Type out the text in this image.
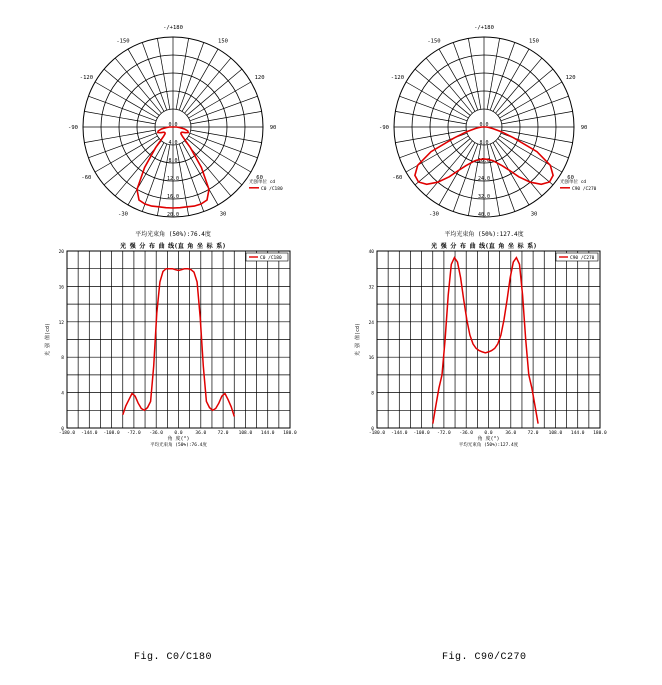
-/+180
150
120
90
60
30
-30
-60
-90
-120
-150
0.0
4.0
8.0
12.0
16.0
20.0
光强单位 cd
C0 /C180
平均光束角 (50%):76.4度
光 强 分 布 曲 线(直 角 坐 标 系)
-/+180
150
120
90
60
30
-30
-60
-90
-120
-150
0.0
8.0
16.0
24.0
32.0
40.0
光强单位 cd
C90 /C270
平均光束角 (50%):127.4度
光 强 分 布 曲 线(直 角 坐 标 系)
-180.0 -144.0 -108.0 -72.0 -36.0	0.0	36.0	72.0 108.0 144.0 180.0
0
4
8
12
16
20
角 度(°)
平均光束角 (50%):76.4度
光 强 值(cd)
C0 /C180
-180.0 -144.0 -108.0 -72.0 -36.0	0.0	36.0	72.0 108.0 144.0 180.0
0
8
16
24
32
40
角 度(°)
平均光束角 (50%):127.4度
光 强 值(cd)
C90 /C270
Fig. C0/C180	Fig. C90/C270
